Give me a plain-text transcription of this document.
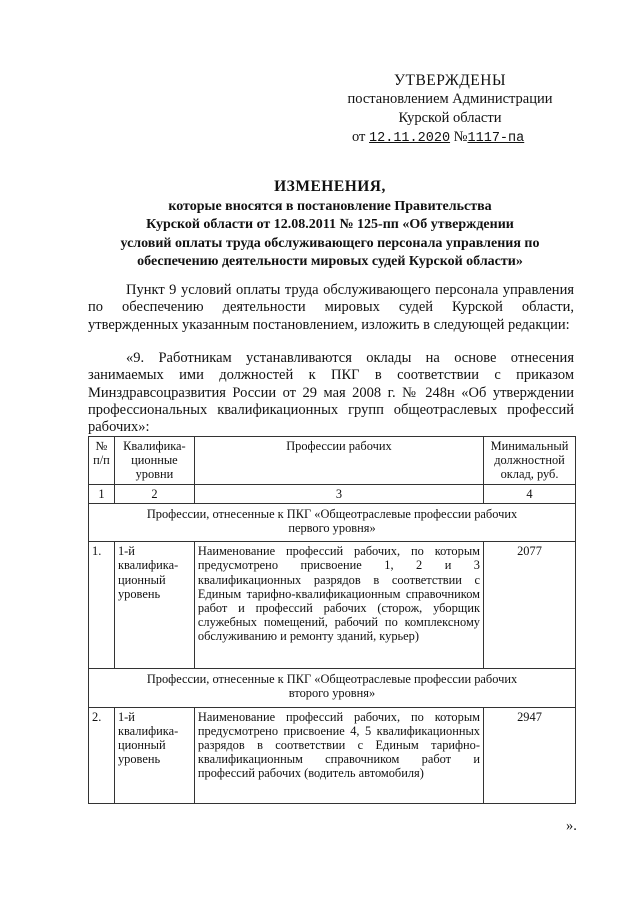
УТВЕРЖДЕНЫ
постановлением Администрации
Курской области
от 12.11.2020 №1117-па
ИЗМЕНЕНИЯ,
которые вносятся в постановление Правительства
Курской области от 12.08.2011 № 125-пп «Об утверждении
условий оплаты труда обслуживающего персонала управления по
обеспечению деятельности мировых судей Курской области»
Пункт 9 условий оплаты труда обслуживающего персонала управления по обеспечению деятельности мировых судей Курской области, утвержденных указанным постановлением, изложить в следующей редакции:
«9. Работникам устанавливаются оклады на основе отнесения занимаемых ими должностей к ПКГ в соответствии с приказом Минздравсоцразвития России от 29 мая 2008 г. № 248н «Об утверждении профессиональных квалификационных групп общеотраслевых профессий рабочих»:
№ п/п	Квалифика-ционные уровни	Профессии рабочих	Минимальный должностной оклад, руб.
1	2	3	4
Профессии, отнесенные к ПКГ «Общеотраслевые профессии рабочих первого уровня»			
1.	1-й квалифика-ционный уровень	Наименование профессий рабочих, по которым предусмотрено присвоение 1, 2 и 3 квалификационных разрядов в соответствии с Единым тарифно-квалификационным справочником работ и профессий рабочих (сторож, уборщик служебных помещений, рабочий по комплексному обслуживанию и ремонту зданий, курьер)	2077
Профессии, отнесенные к ПКГ «Общеотраслевые профессии рабочих второго уровня»			
2.	1-й квалифика-ционный уровень	Наименование профессий рабочих, по которым предусмотрено присвоение 4, 5 квалификационных разрядов в соответствии с Единым тарифно-квалификационным справочником работ и профессий рабочих (водитель автомобиля)	2947
».
